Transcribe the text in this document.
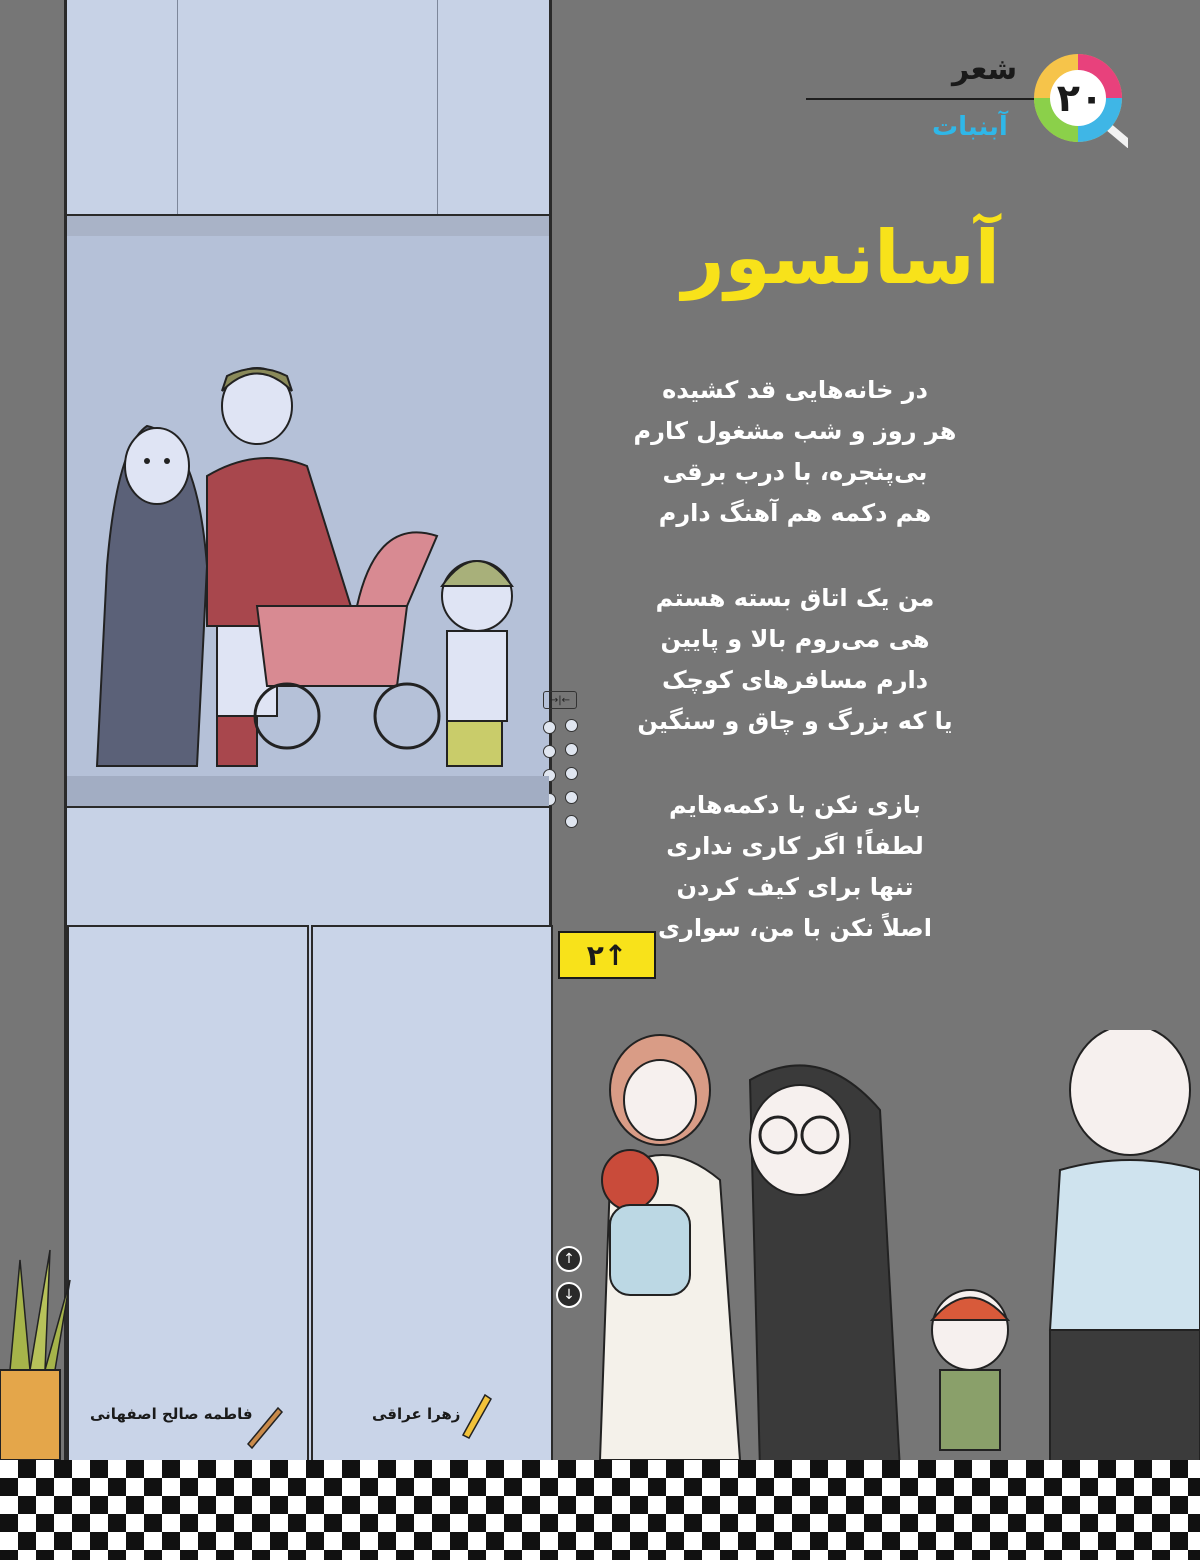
→|←
شعر
آبنبات
۲۰
آسانسور
در خانه‌هایی قد کشیده
هر روز و شب مشغول کارم
بی‌پنجره، با درب برقی
هم دکمه هم آهنگ دارم
من یک اتاق بسته هستم
هی می‌روم بالا و پایین
دارم مسافرهای کوچک
یا که بزرگ و چاق و سنگین
بازی نکن با دکمه‌هایم
لطفاً! اگر کاری نداری
تنها برای کیف کردن
اصلاً نکن با من، سواری
۲↑
↑
↓
زهرا عراقی
فاطمه صالح اصفهانی
